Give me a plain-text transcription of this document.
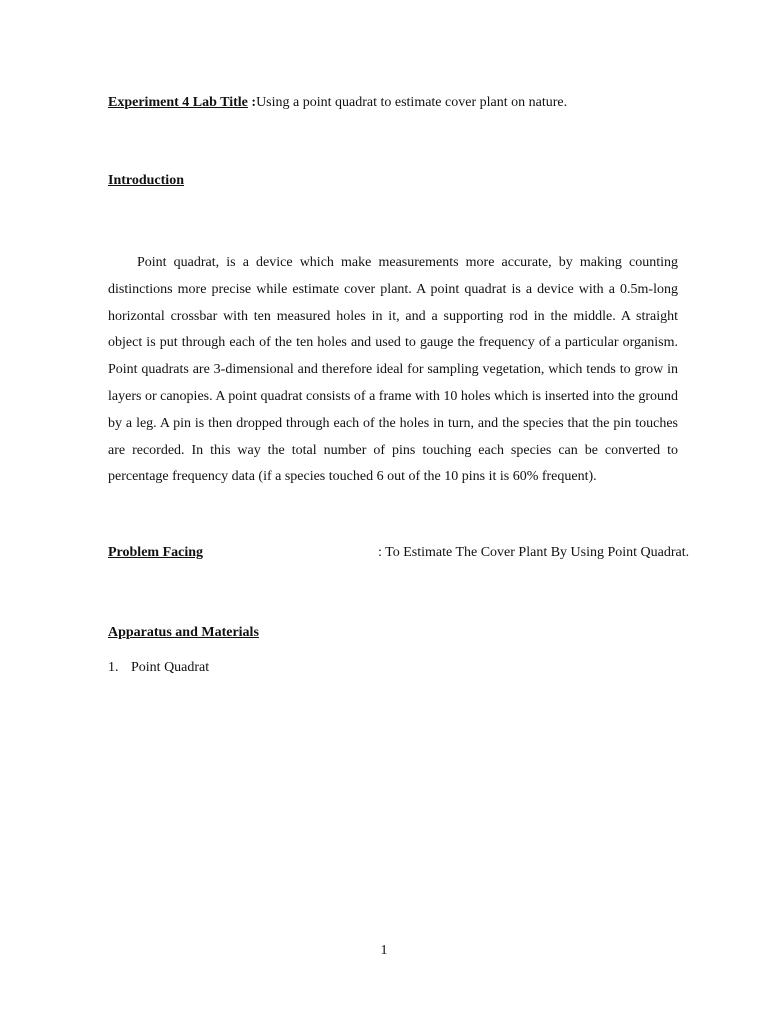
Experiment 4 Lab Title :Using a point quadrat to estimate cover plant on nature.
Introduction

Point quadrat, is a device which make measurements more accurate, by making counting distinctions more precise while estimate cover plant. A point quadrat is a device with a 0.5m-long horizontal crossbar with ten measured holes in it, and a supporting rod in the middle. A straight object is put through each of the ten holes and used to gauge the frequency of a particular organism. Point quadrats are 3-dimensional and therefore ideal for sampling vegetation, which tends to grow in layers or canopies. A point quadrat consists of a frame with 10 holes which is inserted into the ground by a leg. A pin is then dropped through each of the holes in turn, and the species that the pin touches are recorded. In this way the total number of pins touching each species can be converted to percentage frequency data (if a species touched 6 out of the 10 pins it is 60% frequent).

Problem Facing	: To Estimate The Cover Plant By Using Point Quadrat.
Apparatus and Materials
1. Point Quadrat
1
